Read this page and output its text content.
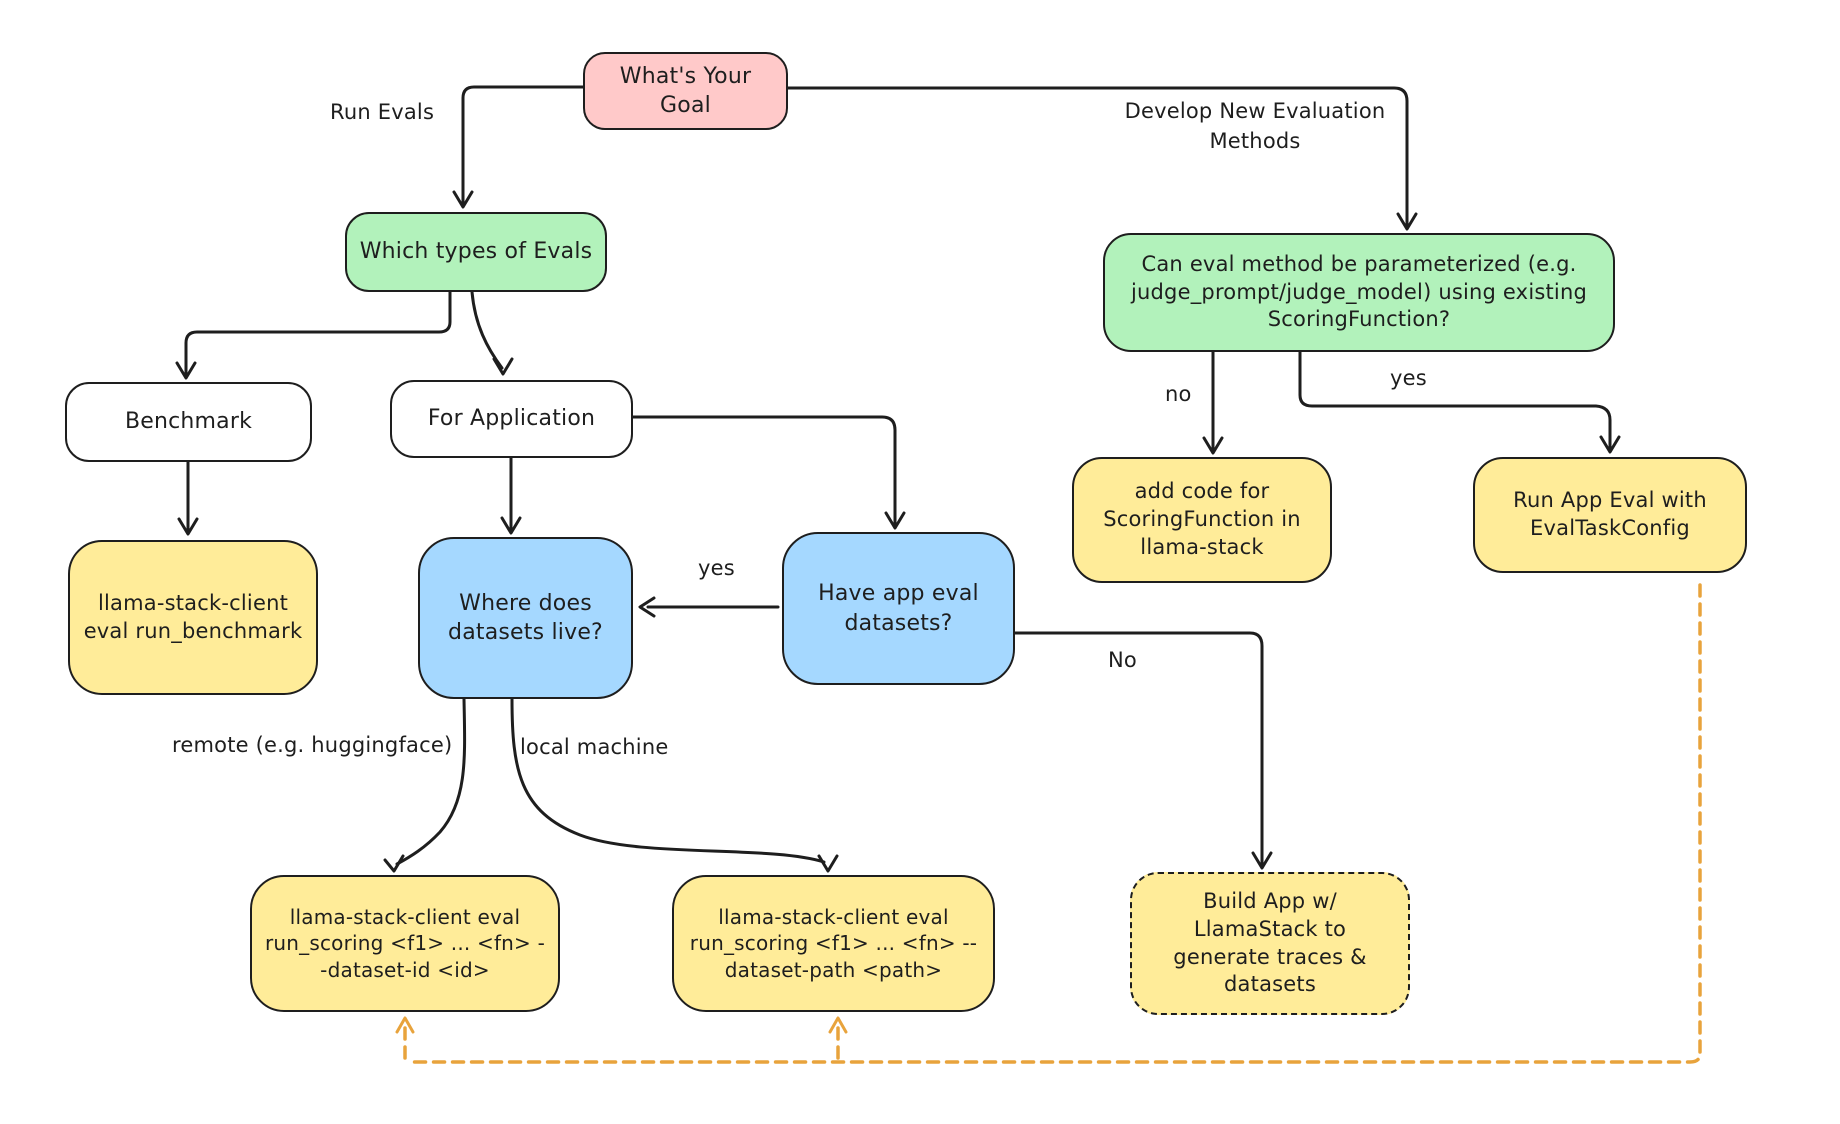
What's Your Goal
Which types of Evals
Benchmark	For Application
llama-stack-client eval run_benchmark
Where does datasets live?
Have app eval datasets?
Can eval method be parameterized (e.g. judge_prompt/judge_model) using existing ScoringFunction?
add code for ScoringFunction in llama-stack
Run App Eval with EvalTaskConfig
llama-stack-client eval run_scoring <f1> ... <fn> --dataset-id <id>
llama-stack-client eval run_scoring <f1> ... <fn> --dataset-path <path>
Build App w/ LlamaStack to generate traces & datasets
Run Evals	Develop New Evaluation Methods
yes
No
no
yes
remote (e.g. huggingface)	local machine
